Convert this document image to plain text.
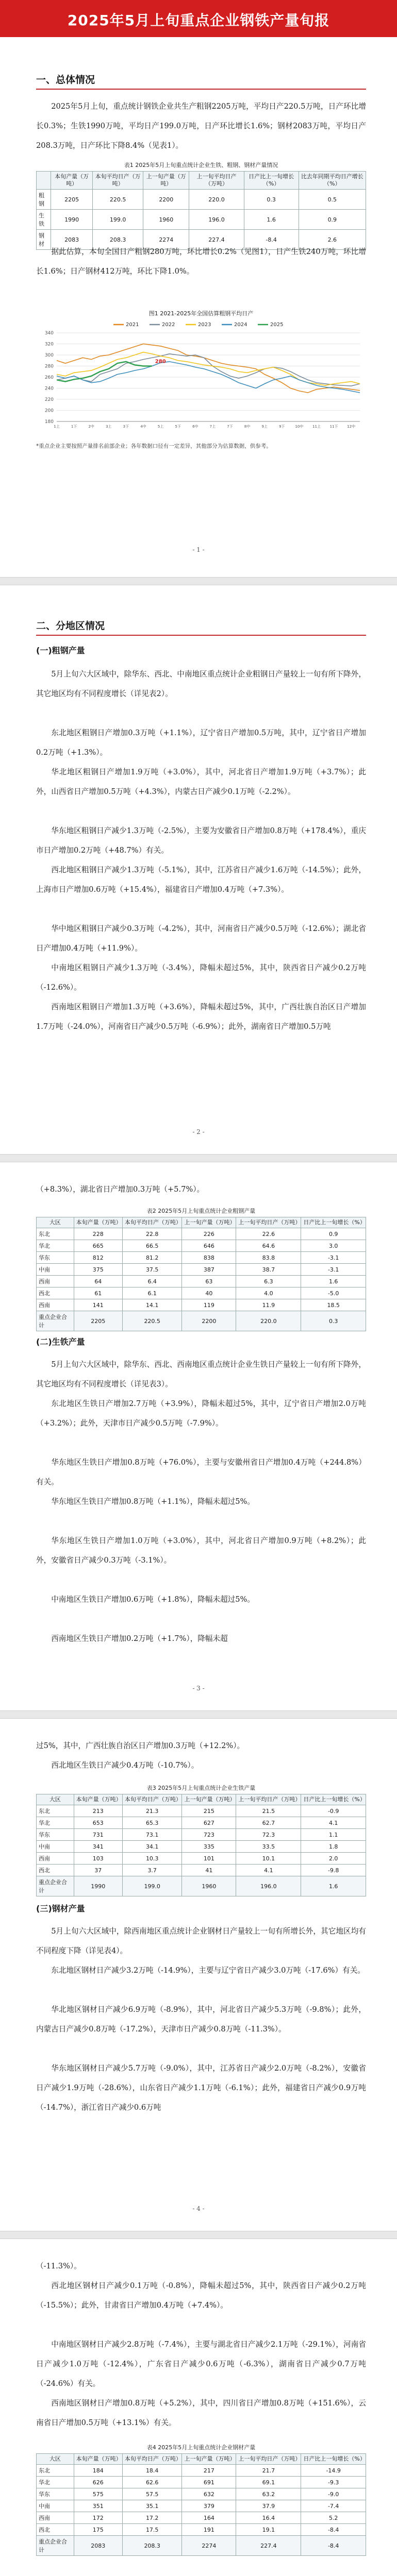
2025年5月上旬重点企业钢铁产量旬报
一、总体情况
2025年5月上旬，重点统计钢铁企业共生产粗钢2205万吨，平均日产220.5万吨，日产环比增长0.3%；生铁1990万吨，平均日产199.0万吨，日产环比增长1.6%；钢材2083万吨，平均日产208.3万吨，日产环比下降8.4%（见表1）。
表1 2025年5月上旬重点统计企业生铁、粗钢、钢材产量情况
	本旬产量（万吨）	本旬平均日产（万吨）	上一旬产量（万吨）	上一旬平均日产（万吨）	日产比上一旬增长（%）	比去年同期平均日产增长（%）
粗钢	2205	220.5	2200	220.0	0.3	0.5
生铁	1990	199.0	1960	196.0	1.6	0.9
钢材	2083	208.3	2274	227.4	-8.4	2.6
据此估算，本旬全国日产粗钢280万吨，环比增长0.2%（见图1），日产生铁240万吨，环比增长1.6%；日产钢材412万吨，环比下降1.0%。
图1 2021-2025年全国估算粗钢平均日产
180
200
220
240
260
280
300
320
340
1上	1下	2中	3上	3下	4中	5上	5下	6中	7上	7下	8中	9上	9下	10中	11上	11下	12中
280
2021	2022	2023	2024	2025
*重点企业主要按照产量排名前部企业；各年数据口径有一定差异，其他部分为估算数据，供参考。
- 1 -
二、分地区情况
(一)粗钢产量
5月上旬六大区域中，除华东、西北、中南地区重点统计企业粗钢日产量较上一旬有所下降外，其它地区均有不同程度增长（详见表2）。
东北地区粗钢日产增加0.3万吨（+1.1%），辽宁省日产增加0.5万吨，其中，辽宁省日产增加0.2万吨（+1.3%）。
华北地区粗钢日产增加1.9万吨（+3.0%），其中，河北省日产增加1.9万吨（+3.7%）；此外，山西省日产增加0.5万吨（+4.3%），内蒙古日产减少0.1万吨（-2.2%）。
华东地区粗钢日产减少1.3万吨（-2.5%），主要为安徽省日产增加0.8万吨（+178.4%），重庆市日产增加0.2万吨（+48.7%）有关。
西北地区粗钢日产减少1.3万吨（-5.1%），其中，江苏省日产减少1.6万吨（-14.5%）；此外，上海市日产增加0.6万吨（+15.4%），福建省日产增加0.4万吨（+7.3%）。
华中地区粗钢日产减少0.3万吨（-4.2%），其中，河南省日产减少0.5万吨（-12.6%）；湖北省日产增加0.4万吨（+11.9%）。
中南地区粗钢日产减少1.3万吨（-3.4%），降幅未超过5%，其中，陕西省日产减少0.2万吨（-12.6%）。
西南地区粗钢日产增加1.3万吨（+3.6%），降幅未超过5%，其中，广西壮族自治区日产增加1.7万吨（-24.0%），河南省日产减少0.5万吨（-6.9%）；此外，湖南省日产增加0.5万吨
- 2 -
（+8.3%），湖北省日产增加0.3万吨（+5.7%）。
表2 2025年5月上旬重点统计企业粗钢产量
大区	本旬产量（万吨）	本旬平均日产（万吨）	上一旬产量（万吨）	上一旬平均日产（万吨）	日产比上一旬增长（%）
东北	228	22.8	226	22.6	0.9
华北	665	66.5	646	64.6	3.0
华东	812	81.2	838	83.8	-3.1
中南	375	37.5	387	38.7	-3.1
西南	64	6.4	63	6.3	1.6
西北	61	6.1	40	4.0	-5.0
西南	141	14.1	119	11.9	18.5
重点企业合计	2205	220.5	2200	220.0	0.3
(二)生铁产量
5月上旬六大区域中，除华东、西北、西南地区重点统计企业生铁日产量较上一旬有所下降外，其它地区均有不同程度增长（详见表3）。
东北地区生铁日产增加2.7万吨（+3.9%），降幅未超过5%，其中，辽宁省日产增加2.0万吨（+3.2%）；此外，天津市日产减少0.5万吨（-7.9%）。
华东地区生铁日产增加0.8万吨（+76.0%），主要与安徽州省日产增加0.4万吨（+244.8%）有关。
华东地区生铁日产增加0.8万吨（+1.1%），降幅未超过5%。
华东地区生铁日产增加1.0万吨（+3.0%），其中，河北省日产增加0.9万吨（+8.2%）；此外，安徽省日产减少0.3万吨（-3.1%）。
中南地区生铁日产增加0.6万吨（+1.8%），降幅未超过5%。
西南地区生铁日产增加0.2万吨（+1.7%），降幅未超
- 3 -
过5%，其中，广西壮族自治区日产增加0.3万吨（+12.2%）。
西北地区生铁日产减少0.4万吨（-10.7%）。
表3 2025年5月上旬重点统计企业生铁产量
大区	本旬产量（万吨）	本旬平均日产（万吨）	上一旬产量（万吨）	上一旬平均日产（万吨）	日产比上一旬增长（%）
东北	213	21.3	215	21.5	-0.9
华北	653	65.3	627	62.7	4.1
华东	731	73.1	723	72.3	1.1
中南	341	34.1	335	33.5	1.8
西南	103	10.3	101	10.1	2.0
西北	37	3.7	41	4.1	-9.8
重点企业合计	1990	199.0	1960	196.0	1.6
(三)钢材产量
5月上旬六大区域中，除西南地区重点统计企业钢材日产量较上一旬有所增长外，其它地区均有不同程度下降（详见表4）。
东北地区钢材日产减少3.2万吨（-14.9%），主要与辽宁省日产减少3.0万吨（-17.6%）有关。
华北地区钢材日产减少6.9万吨（-8.9%），其中，河北省日产减少5.3万吨（-9.8%）；此外，内蒙古日产减少0.8万吨（-17.2%），天津市日产减少0.8万吨（-11.3%）。
华东地区钢材日产减少5.7万吨（-9.0%），其中，江苏省日产减少2.0万吨（-8.2%），安徽省日产减少1.9万吨（-28.6%），山东省日产减少1.1万吨（-6.1%）；此外，福建省日产减少0.9万吨（-14.7%），浙江省日产减少0.6万吨
- 4 -
（-11.3%）。
西北地区钢材日产减少0.1万吨（-0.8%），降幅未超过5%，其中，陕西省日产减少0.2万吨（-15.5%）；此外，甘肃省日产增加0.4万吨（+7.4%）。
中南地区钢材日产减少2.8万吨（-7.4%），主要与湖北省日产减少2.1万吨（-29.1%），河南省日产减少1.0万吨（-12.4%），广东省日产减少0.6万吨（-6.3%），湖南省日产减少0.7万吨（-24.6%）有关。
西南地区钢材日产增加0.8万吨（+5.2%），其中，四川省日产增加0.8万吨（+151.6%），云南省日产增加0.5万吨（+13.1%）有关。
表4 2025年5月上旬重点统计企业钢材产量
大区	本旬产量（万吨）	本旬平均日产（万吨）	上一旬产量（万吨）	上一旬平均日产（万吨）	日产比上一旬增长（%）
东北	184	18.4	217	21.7	-14.9
华北	626	62.6	691	69.1	-9.3
华东	575	57.5	632	63.2	-9.0
中南	351	35.1	379	37.9	-7.4
西南	172	17.2	164	16.4	5.2
西北	175	17.5	191	19.1	-8.4
重点企业合计	2083	208.3	2274	227.4	-8.4
